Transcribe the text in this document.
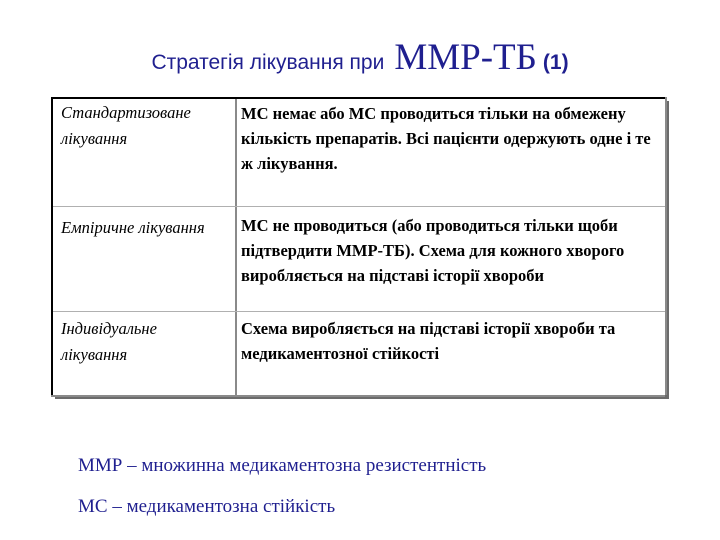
Стратегія лікування при ММР-ТБ (1)
Стандартизоване лікування
МС немає або МС проводиться тільки на обмежену кількість препаратів. Всі пацієнти одержують одне і те ж лікування.
Емпіричне лікування	МС не проводиться (або проводиться тільки щоби підтвердити ММР-ТБ). Схема для кожного хворого виробляється на підставі історії хвороби
Індивідуальне лікування
Схема виробляється на підставі історії хвороби та медикаментозної стійкості
ММР – множинна медикаментозна резистентність
МС – медикаментозна стійкість
